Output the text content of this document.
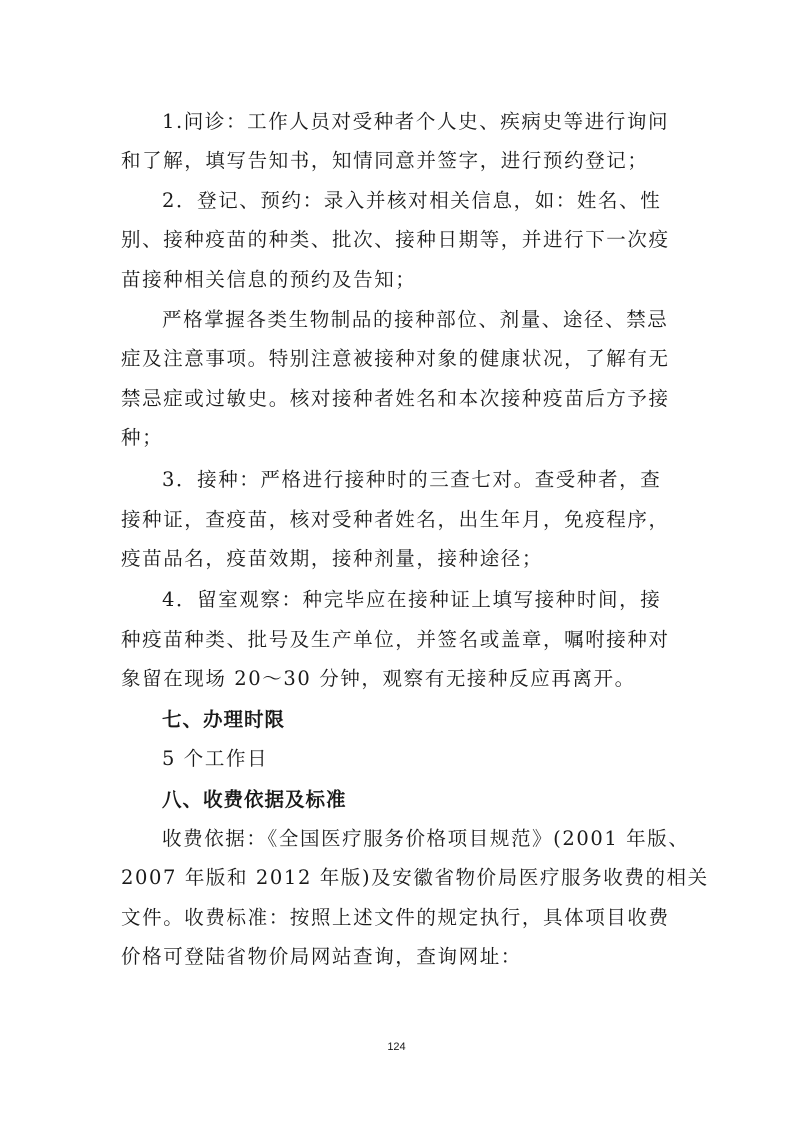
1.问诊：工作人员对受种者个人史、疾病史等进行询问
和了解，填写告知书，知情同意并签字，进行预约登记；
2．登记、预约：录入并核对相关信息，如：姓名、性
别、接种疫苗的种类、批次、接种日期等，并进行下一次疫
苗接种相关信息的预约及告知；
严格掌握各类生物制品的接种部位、剂量、途径、禁忌
症及注意事项。特别注意被接种对象的健康状况，了解有无
禁忌症或过敏史。核对接种者姓名和本次接种疫苗后方予接
种；
3．接种：严格进行接种时的三查七对。查受种者，查
接种证，查疫苗，核对受种者姓名，出生年月，免疫程序，
疫苗品名，疫苗效期，接种剂量，接种途径；
4．留室观察：种完毕应在接种证上填写接种时间，接
种疫苗种类、批号及生产单位，并签名或盖章，嘱咐接种对
象留在现场 20～30 分钟，观察有无接种反应再离开。
七、办理时限
5 个工作日
八、收费依据及标准
收费依据：《全国医疗服务价格项目规范》(2001 年版、
2007 年版和 2012 年版)及安徽省物价局医疗服务收费的相关
文件。收费标准：按照上述文件的规定执行，具体项目收费
价格可登陆省物价局网站查询，查询网址：
124
